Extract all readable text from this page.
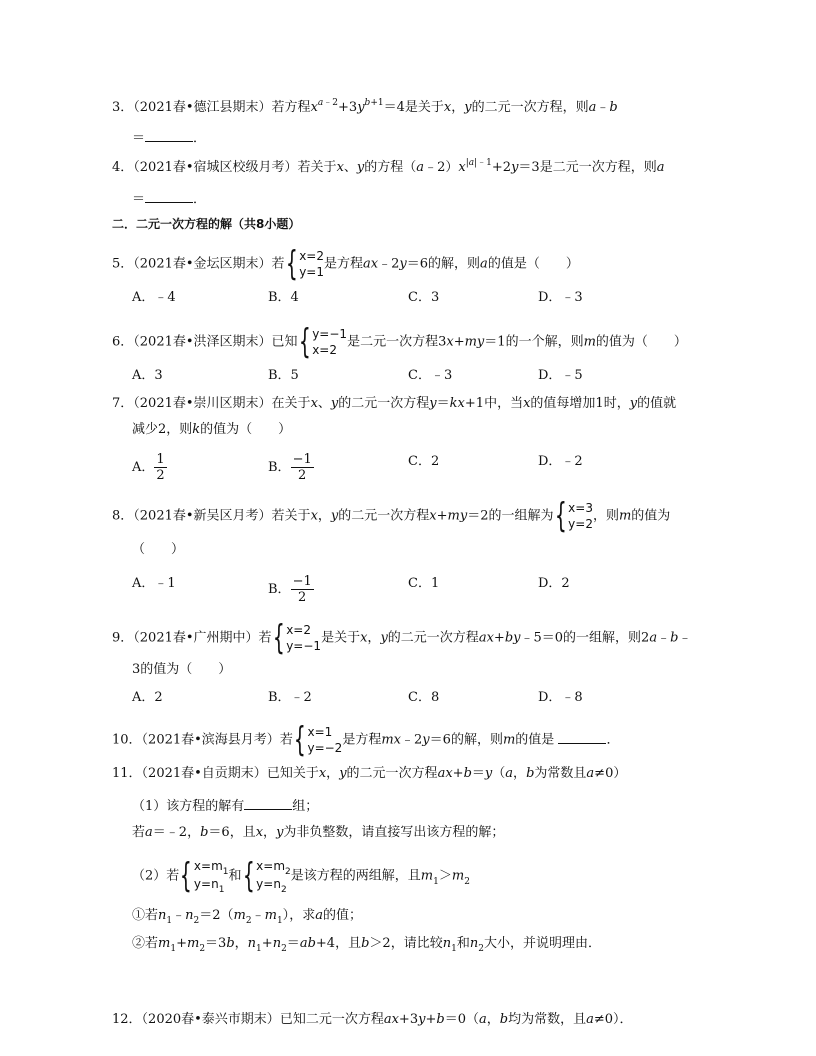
3．（2021春•德江县期末）若方程$x^{a﹣2}+3y^{b+1}=4$是关于x，y的二元一次方程，则a﹣b
＝	．
4．（2021春•宿城区校级月考）若关于x、y的方程$(a﹣2)x^{|a|﹣1}+2y=3$是二元一次方程，则a
＝	．
二．二元一次方程的解（共8小题）
5．（2021春•金坛区期末）若 { x=2
y=1
是方程ax﹣2y＝6的解，则a的值是（　　）
A．﹣4	B．4	C．3	D．﹣3
6．（2021春•洪泽区期末）已知 { y=−1
x=2
是二元一次方程3x+my＝1的一个解，则m的值为（　　）
A．3	B．5	C．﹣3	D．﹣5
7．（2021春•崇川区期末）在关于x、y的二元一次方程y＝kx+1中，当x的值每增加1时，y的值就
减少2，则k的值为（　　）
A． $\frac{1}{2}$	B． $\frac{-1}{2}$	C．2	D．﹣2
8．（2021春•新吴区月考）若关于x，y的二元一次方程x+my＝2的一组解为 { x=3
y=2
，则m的值为
（　　）
A．﹣1	B． $\frac{-1}{2}$	C．1	D．2
9．（2021春•广州期中）若 { x=2
y=−1
是关于x，y的二元一次方程ax+by﹣5＝0的一组解，则2a﹣b﹣
3的值为（　　）
A．2	B．﹣2	C．8	D．﹣8
10．（2021春•滨海县月考）若 { x=1
y=−2
是方程mx﹣2y＝6的解，则m的值是	．
11．（2021春•自贡期末）已知关于x，y的二元一次方程ax+b＝y（a，b为常数且a≠0）
（1）该方程的解有	组；
若a＝﹣2，b＝6，且x，y为非负整数，请直接写出该方程的解；
（2）若 { $x=m_1$
$y=n_1$
和 { $x=m_2$
$y=n_2$
是该方程的两组解，且$m_1>m_2$
①若$n_1﹣n_2=2(m_2﹣m_1)$，求a的值；
②若$m_1+m_2=3b$，$n_1+n_2=ab+4$，且b＞2，请比较$n_1$和$n_2$大小，并说明理由．
12．（2020春•泰兴市期末）已知二元一次方程ax+3y+b＝0（a，b均为常数，且a≠0）．
